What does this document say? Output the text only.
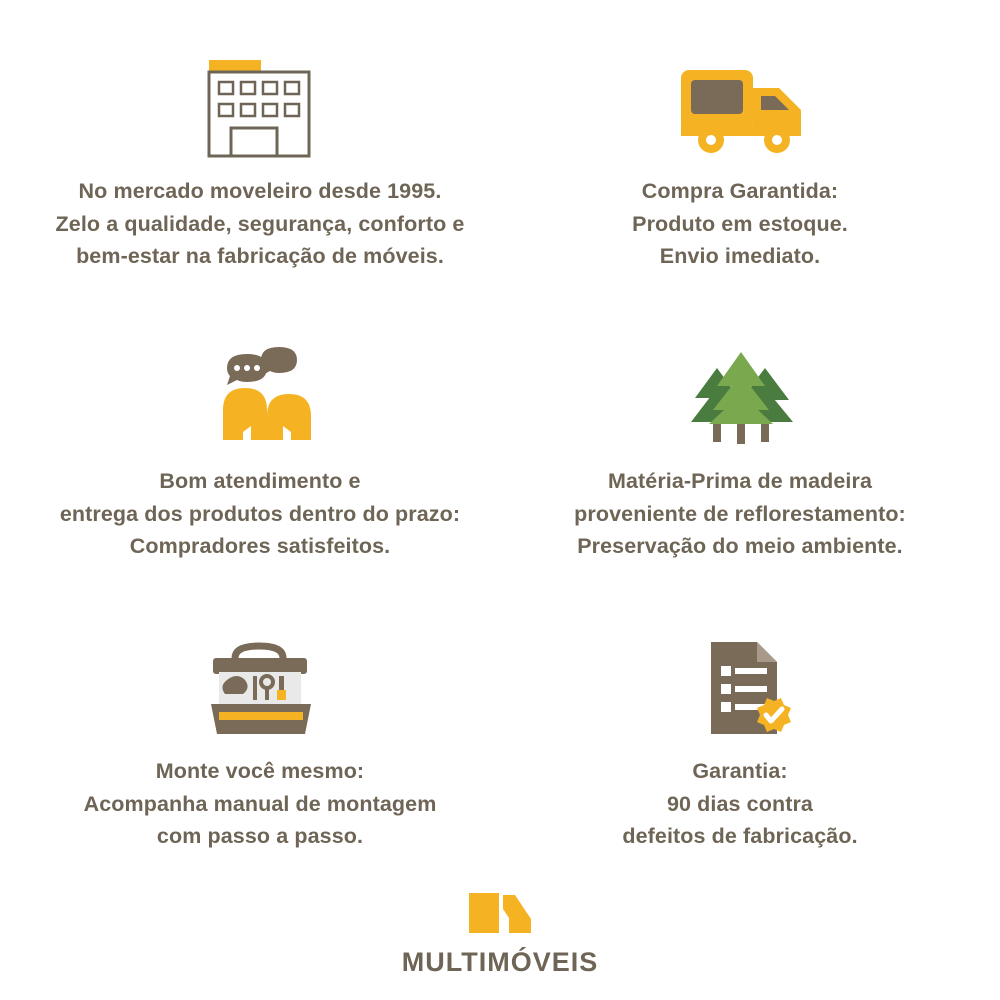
No mercado moveleiro desde 1995.
Zelo a qualidade, segurança, conforto e
bem-estar na fabricação de móveis.
Compra Garantida:
Produto em estoque.
Envio imediato.
Bom atendimento e
entrega dos produtos dentro do prazo:
Compradores satisfeitos.
Matéria-Prima de madeira
proveniente de reflorestamento:
Preservação do meio ambiente.
Monte você mesmo:
Acompanha manual de montagem
com passo a passo.
Garantia:
90 dias contra
defeitos de fabricação.
MULTIMÓVEIS
